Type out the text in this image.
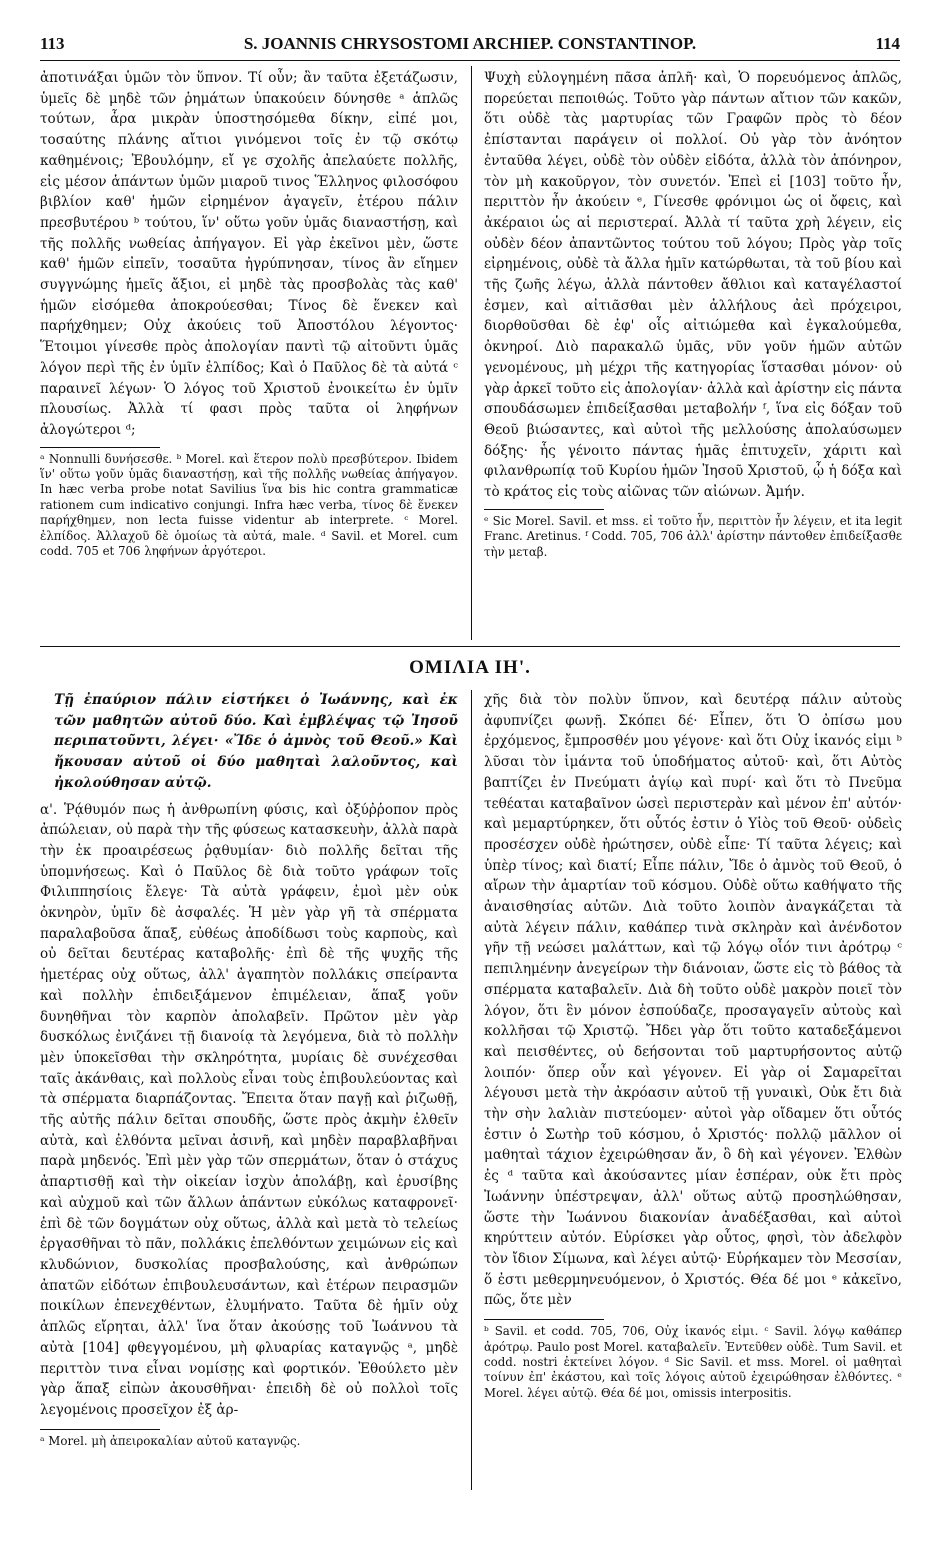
113	S. JOANNIS CHRYSOSTOMI ARCHIEP. CONSTANTINOP.	114

ἀποτινάξαι ὑμῶν τὸν ὕπνον. Τί οὖν; ἂν ταῦτα ἐξετάζωσιν, ὑμεῖς δὲ μηδὲ τῶν ῥημάτων ὑπακούειν δύνησθε ᵃ ἁπλῶς τούτων, ἆρα μικρὰν ὑποστησόμεθα δίκην, εἰπέ μοι, τοσαύτης πλάνης αἴτιοι γινόμενοι τοῖς ἐν τῷ σκότῳ καθημένοις; Ἐβουλόμην, εἴ γε σχολῆς ἀπελαύετε πολλῆς, εἰς μέσον ἁπάντων ὑμῶν μιαροῦ τινος Ἕλληνος φιλοσόφου βιβλίον καθ' ἡμῶν εἰρημένον ἀγαγεῖν, ἑτέρου πάλιν πρεσβυτέρου ᵇ τούτου, ἵν' οὕτω γοῦν ὑμᾶς διαναστήσῃ, καὶ τῆς πολλῆς νωθείας ἀπήγαγον. Εἰ γὰρ ἐκεῖνοι μὲν, ὥστε καθ' ἡμῶν εἰπεῖν, τοσαῦτα ἠγρύπνησαν, τίνος ἂν εἴημεν συγγνώμης ἡμεῖς ἄξιοι, εἰ μηδὲ τὰς προσβολὰς τὰς καθ' ἡμῶν εἰσόμεθα ἀποκρούεσθαι; Τίνος δὲ ἕνεκεν καὶ παρήχθημεν; Οὐχ ἀκούεις τοῦ Ἀποστόλου λέγοντος· Ἕτοιμοι γίνεσθε πρὸς ἀπολογίαν παντὶ τῷ αἰτοῦντι ὑμᾶς λόγον περὶ τῆς ἐν ὑμῖν ἐλπίδος; Καὶ ὁ Παῦλος δὲ τὰ αὐτά ᶜ παραινεῖ λέγων· Ὁ λόγος τοῦ Χριστοῦ ἐνοικείτω ἐν ὑμῖν πλουσίως. Ἀλλὰ τί φασι πρὸς ταῦτα οἱ ληφήνων ἀλογώτεροι ᵈ;

ᵃ Nonnulli δυνήσεσθε. ᵇ Morel. καὶ ἕτερον πολὺ πρεσβύτερον. Ibidem ἵν' οὕτω γοῦν ὑμᾶς διαναστήσῃ, καὶ τῆς πολλῆς νωθείας ἀπήγαγον. In hæc verba probe notat Savilius ἵνα bis hic contra grammaticæ rationem cum indicativo conjungi. Infra hæc verba, τίνος δὲ ἕνεκεν παρήχθημεν, non lecta fuisse videntur ab interprete. ᶜ Morel. ἐλπίδος. Ἀλλαχοῦ δὲ ὁμοίως τὰ αὐτά, male. ᵈ Savil. et Morel. cum codd. 705 et 706 ληφήνων ἀργότεροι.

Ψυχὴ εὐλογημένη πᾶσα ἁπλῆ· καὶ, Ὁ πορευόμενος ἁπλῶς, πορεύεται πεποιθώς. Τοῦτο γὰρ πάντων αἴτιον τῶν κακῶν, ὅτι οὐδὲ τὰς μαρτυρίας τῶν Γραφῶν πρὸς τὸ δέον ἐπίστανται παράγειν οἱ πολλοί. Οὐ γὰρ τὸν ἀνόητον ἐνταῦθα λέγει, οὐδὲ τὸν οὐδὲν εἰδότα, ἀλλὰ τὸν ἀπόνηρον, τὸν μὴ κακοῦργον, τὸν συνετόν. Ἐπεὶ εἰ [103] τοῦτο ἦν, περιττὸν ἦν ἀκούειν ᵉ, Γίνεσθε φρόνιμοι ὡς οἱ ὄφεις, καὶ ἀκέραιοι ὡς αἱ περιστεραί. Ἀλλὰ τί ταῦτα χρὴ λέγειν, εἰς οὐδὲν δέον ἀπαντῶντος τούτου τοῦ λόγου; Πρὸς γὰρ τοῖς εἰρημένοις, οὐδὲ τὰ ἄλλα ἡμῖν κατώρθωται, τὰ τοῦ βίου καὶ τῆς ζωῆς λέγω, ἀλλὰ πάντοθεν ἄθλιοι καὶ καταγέλαστοί ἐσμεν, καὶ αἰτιᾶσθαι μὲν ἀλλήλους ἀεὶ πρόχειροι, διορθοῦσθαι δὲ ἐφ' οἷς αἰτιώμεθα καὶ ἐγκαλούμεθα, ὀκνηροί. Διὸ παρακαλῶ ὑμᾶς, νῦν γοῦν ἡμῶν αὐτῶν γενομένους, μὴ μέχρι τῆς κατηγορίας ἵστασθαι μόνον· οὐ γὰρ ἀρκεῖ τοῦτο εἰς ἀπολογίαν· ἀλλὰ καὶ ἀρίστην εἰς πάντα σπουδάσωμεν ἐπιδείξασθαι μεταβολήν ᶠ, ἵνα εἰς δόξαν τοῦ Θεοῦ βιώσαντες, καὶ αὐτοὶ τῆς μελλούσης ἀπολαύσωμεν δόξης· ἧς γένοιτο πάντας ἡμᾶς ἐπιτυχεῖν, χάριτι καὶ φιλανθρωπίᾳ τοῦ Κυρίου ἡμῶν Ἰησοῦ Χριστοῦ, ᾧ ἡ δόξα καὶ τὸ κράτος εἰς τοὺς αἰῶνας τῶν αἰώνων. Ἀμήν.

ᵉ Sic Morel. Savil. et mss. εἰ τοῦτο ἦν, περιττὸν ἦν λέγειν, et ita legit Franc. Aretinus. ᶠ Codd. 705, 706 ἀλλ' ἀρίστην πάντοθεν ἐπιδείξασθε τὴν μεταβ.

ΟΜΙΛΙΑ ΙΗ'.

Τῇ ἐπαύριον πάλιν εἱστήκει ὁ Ἰωάννης, καὶ ἐκ τῶν μαθητῶν αὐτοῦ δύο. Καὶ ἐμβλέψας τῷ Ἰησοῦ περιπατοῦντι, λέγει· «Ἴδε ὁ ἀμνὸς τοῦ Θεοῦ.» Καὶ ἤκουσαν αὐτοῦ οἱ δύο μαθηταὶ λαλοῦντος, καὶ ἠκολούθησαν αὐτῷ.

α'. Ῥᾴθυμόν πως ἡ ἀνθρωπίνη φύσις, καὶ ὀξύῤῥοπον πρὸς ἀπώλειαν, οὐ παρὰ τὴν τῆς φύσεως κατασκευὴν, ἀλλὰ παρὰ τὴν ἐκ προαιρέσεως ῥᾳθυμίαν· διὸ πολλῆς δεῖται τῆς ὑπομνήσεως. Καὶ ὁ Παῦλος δὲ διὰ τοῦτο γράφων τοῖς Φιλιππησίοις ἔλεγε· Τὰ αὐτὰ γράφειν, ἐμοὶ μὲν οὐκ ὀκνηρὸν, ὑμῖν δὲ ἀσφαλές. Ἡ μὲν γὰρ γῆ τὰ σπέρματα παραλαβοῦσα ἅπαξ, εὐθέως ἀποδίδωσι τοὺς καρποὺς, καὶ οὐ δεῖται δευτέρας καταβολῆς· ἐπὶ δὲ τῆς ψυχῆς τῆς ἡμετέρας οὐχ οὕτως, ἀλλ' ἀγαπητὸν πολλάκις σπείραντα καὶ πολλὴν ἐπιδειξάμενον ἐπιμέλειαν, ἅπαξ γοῦν δυνηθῆναι τὸν καρπὸν ἀπολαβεῖν. Πρῶτον μὲν γὰρ δυσκόλως ἐνιζάνει τῇ διανοίᾳ τὰ λεγόμενα, διὰ τὸ πολλὴν μὲν ὑποκεῖσθαι τὴν σκληρότητα, μυρίαις δὲ συνέχεσθαι ταῖς ἀκάνθαις, καὶ πολλοὺς εἶναι τοὺς ἐπιβουλεύοντας καὶ τὰ σπέρματα διαρπάζοντας. Ἔπειτα ὅταν παγῇ καὶ ῥιζωθῇ, τῆς αὐτῆς πάλιν δεῖται σπουδῆς, ὥστε πρὸς ἀκμὴν ἐλθεῖν αὐτὰ, καὶ ἐλθόντα μεῖναι ἀσινῆ, καὶ μηδὲν παραβλαβῆναι παρὰ μηδενός. Ἐπὶ μὲν γὰρ τῶν σπερμάτων, ὅταν ὁ στάχυς ἀπαρτισθῇ καὶ τὴν οἰκείαν ἰσχὺν ἀπολάβῃ, καὶ ἐρυσίβης καὶ αὐχμοῦ καὶ τῶν ἄλλων ἁπάντων εὐκόλως καταφρονεῖ· ἐπὶ δὲ τῶν δογμάτων οὐχ οὕτως, ἀλλὰ καὶ μετὰ τὸ τελείως ἐργασθῆναι τὸ πᾶν, πολλάκις ἐπελθόντων χειμώνων εἰς καὶ κλυδώνιον, δυσκολίας προσβαλούσης, καὶ ἀνθρώπων ἀπατῶν εἰδότων ἐπιβουλευσάντων, καὶ ἑτέρων πειρασμῶν ποικίλων ἐπενεχθέντων, ἐλυμήνατο. Ταῦτα δὲ ἡμῖν οὐχ ἁπλῶς εἴρηται, ἀλλ' ἵνα ὅταν ἀκούσῃς τοῦ Ἰωάννου τὰ αὐτὰ [104] φθεγγομένου, μὴ φλυαρίας καταγνῷς ᵃ, μηδὲ περιττὸν τινα εἶναι νομίσῃς καὶ φορτικόν. Ἐθούλετο μὲν γὰρ ἅπαξ εἰπὼν ἀκουσθῆναι· ἐπειδὴ δὲ οὐ πολλοὶ τοῖς λεγομένοις προσεῖχον ἐξ ἀρ-

ᵃ Morel. μὴ ἀπειροκαλίαν αὐτοῦ καταγνῷς.

χῆς διὰ τὸν πολὺν ὕπνον, καὶ δευτέρᾳ πάλιν αὐτοὺς ἀφυπνίζει φωνῇ. Σκόπει δέ· Εἶπεν, ὅτι Ὁ ὀπίσω μου ἐρχόμενος, ἔμπροσθέν μου γέγονε· καὶ ὅτι Οὐχ ἱκανός εἰμι ᵇ λῦσαι τὸν ἱμάντα τοῦ ὑποδήματος αὐτοῦ· καὶ, ὅτι Αὐτὸς βαπτίζει ἐν Πνεύματι ἁγίῳ καὶ πυρί· καὶ ὅτι τὸ Πνεῦμα τεθέαται καταβαῖνον ὡσεὶ περιστερὰν καὶ μένον ἐπ' αὐτόν· καὶ μεμαρτύρηκεν, ὅτι οὗτός ἐστιν ὁ Υἱὸς τοῦ Θεοῦ· οὐδεὶς προσέσχεν οὐδὲ ἠρώτησεν, οὐδὲ εἶπε· Τί ταῦτα λέγεις; καὶ ὑπὲρ τίνος; καὶ διατί; Εἶπε πάλιν, Ἴδε ὁ ἀμνὸς τοῦ Θεοῦ, ὁ αἴρων τὴν ἁμαρτίαν τοῦ κόσμου. Οὐδὲ οὕτω καθήψατο τῆς ἀναισθησίας αὐτῶν. Διὰ τοῦτο λοιπὸν ἀναγκάζεται τὰ αὐτὰ λέγειν πάλιν, καθάπερ τινὰ σκληρὰν καὶ ἀνένδοτον γῆν τῇ νεώσει μαλάττων, καὶ τῷ λόγῳ οἷόν τινι ἀρότρῳ ᶜ πεπιλημένην ἀνεγείρων τὴν διάνοιαν, ὥστε εἰς τὸ βάθος τὰ σπέρματα καταβαλεῖν. Διὰ δὴ τοῦτο οὐδὲ μακρὸν ποιεῖ τὸν λόγον, ὅτι ἓν μόνον ἐσπούδαζε, προσαγαγεῖν αὐτοὺς καὶ κολλῆσαι τῷ Χριστῷ. Ἤδει γὰρ ὅτι τοῦτο καταδεξάμενοι καὶ πεισθέντες, οὐ δεήσονται τοῦ μαρτυρήσοντος αὐτῷ λοιπόν· ὅπερ οὖν καὶ γέγονεν. Εἰ γὰρ οἱ Σαμαρεῖται λέγουσι μετὰ τὴν ἀκρόασιν αὐτοῦ τῇ γυναικὶ, Οὐκ ἔτι διὰ τὴν σὴν λαλιὰν πιστεύομεν· αὐτοὶ γὰρ οἴδαμεν ὅτι οὗτός ἐστιν ὁ Σωτὴρ τοῦ κόσμου, ὁ Χριστός· πολλῷ μᾶλλον οἱ μαθηταὶ τάχιον ἐχειρώθησαν ἄν, ὃ δὴ καὶ γέγονεν. Ἐλθὼν ἐς ᵈ ταῦτα καὶ ἀκούσαντες μίαν ἑσπέραν, οὐκ ἔτι πρὸς Ἰωάννην ὑπέστρεψαν, ἀλλ' οὕτως αὐτῷ προσηλώθησαν, ὥστε τὴν Ἰωάννου διακονίαν ἀναδέξασθαι, καὶ αὐτοὶ κηρύττειν αὐτόν. Εὑρίσκει γὰρ οὗτος, φησὶ, τὸν ἀδελφὸν τὸν ἴδιον Σίμωνα, καὶ λέγει αὐτῷ· Εὑρήκαμεν τὸν Μεσσίαν, ὅ ἐστι μεθερμηνευόμενον, ὁ Χριστός. Θέα δέ μοι ᵉ κἀκεῖνο, πῶς, ὅτε μὲν

ᵇ Savil. et codd. 705, 706, Οὐχ ἱκανός εἰμι. ᶜ Savil. λόγῳ καθάπερ ἀρότρῳ. Paulo post Morel. καταβαλεῖν. Ἐντεῦθεν οὐδὲ. Tum Savil. et codd. nostri ἐκτείνει λόγον. ᵈ Sic Savil. et mss. Morel. οἱ μαθηταὶ τοίνυν ἐπ' ἐκάστου, καὶ τοῖς λόγοις αὐτοῦ ἐχειρώθησαν ἐλθόντες. ᵉ Morel. λέγει αὐτῷ. Θέα δέ μοι, omissis interpositis.
